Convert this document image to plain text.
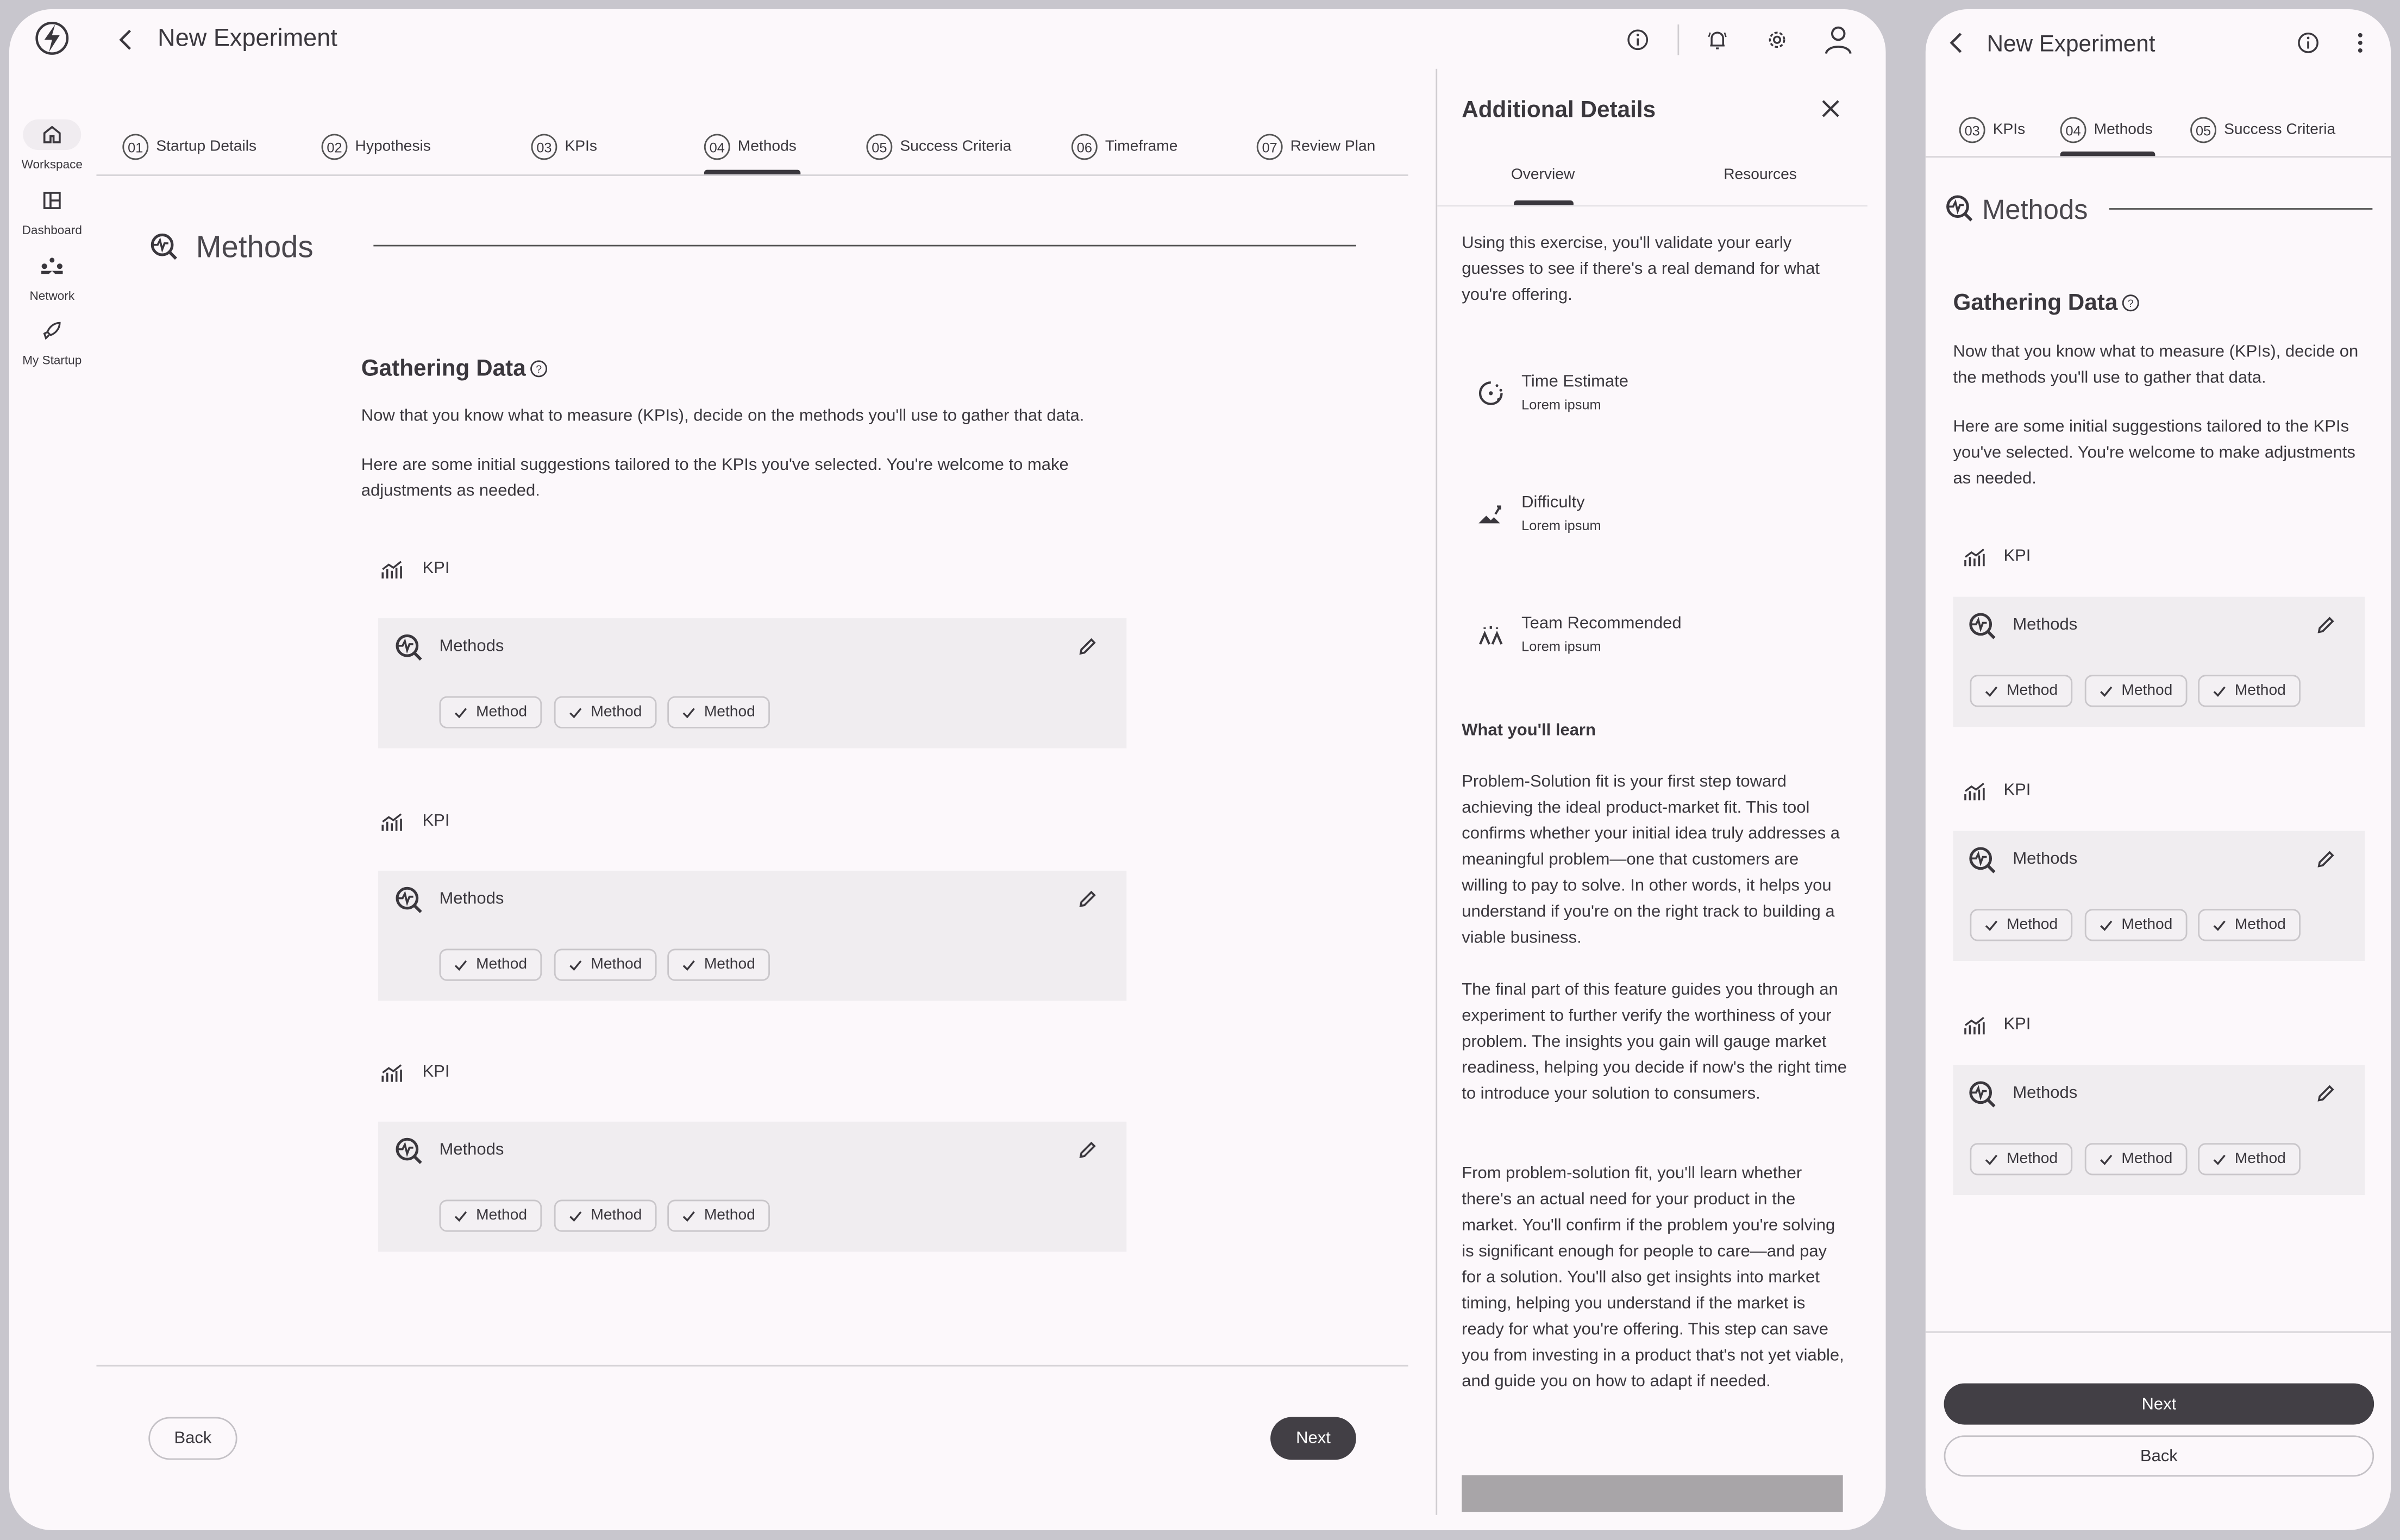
New Experiment
Workspace
Dashboard
Network
My Startup
01	Startup Details	02	Hypothesis	03	KPIs	04	Methods	05	Success Criteria	06	Timeframe	07	Review Plan
Methods
Gathering Data	?
Now that you know what to measure (KPIs), decide on the methods you'll use to gather that data.
Here are some initial suggestions tailored to the KPIs you've selected. You're welcome to make adjustments as needed.
KPI
Methods
Method	Method	Method
KPI
Methods
Method	Method	Method
KPI
Methods
Method	Method	Method
Back	Next
Additional Details
Overview	Resources
Using this exercise, you'll validate your early guesses to see if there's a real demand for what you're offering.
Time Estimate
Lorem ipsum
Difficulty
Lorem ipsum
Team Recommended
Lorem ipsum
What you'll learn
Problem-Solution fit is your first step toward achieving the ideal product-market fit. This tool confirms whether your initial idea truly addresses a meaningful problem—one that customers are willing to pay to solve. In other words, it helps you understand if you're on the right track to building a viable business.
The final part of this feature guides you through an experiment to further verify the worthiness of your problem. The insights you gain will gauge market readiness, helping you decide if now's the right time to introduce your solution to consumers.
From problem-solution fit, you'll learn whether there's an actual need for your product in the market. You'll confirm if the problem you're solving is significant enough for people to care—and pay for a solution. You'll also get insights into market timing, helping you understand if the market is ready for what you're offering. This step can save you from investing in a product that's not yet viable, and guide you on how to adapt if needed.
New Experiment
03	KPIs	04	Methods	05	Success Criteria
Methods
Gathering Data	?
Now that you know what to measure (KPIs), decide on the methods you'll use to gather that data.
Here are some initial suggestions tailored to the KPIs you've selected. You're welcome to make adjustments as needed.
KPI
Methods
Method	Method	Method
KPI
Methods
Method	Method	Method
KPI
Methods
Method	Method	Method
Next
Back
